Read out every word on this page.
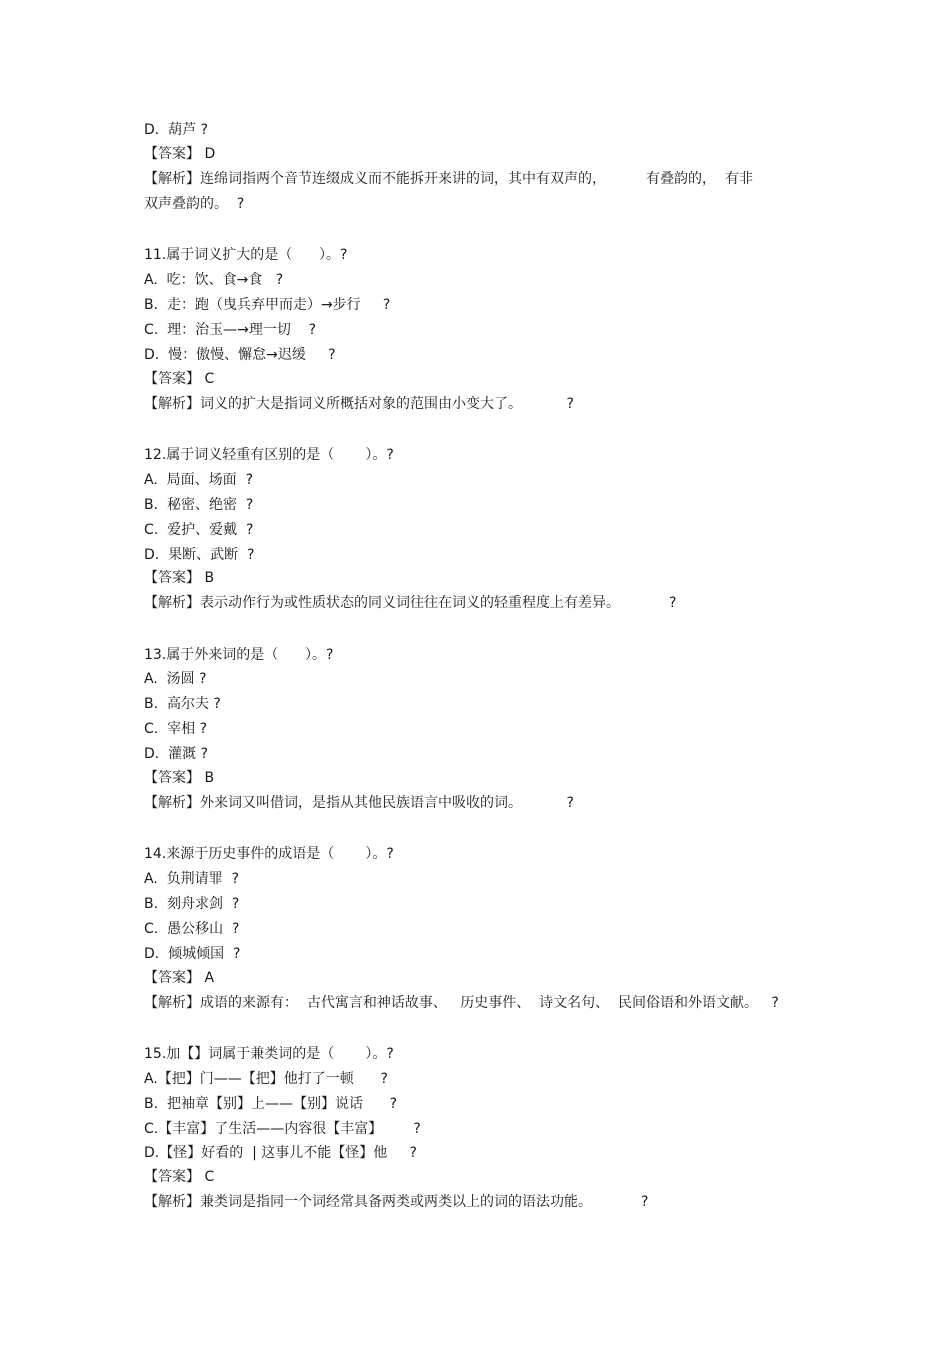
D.  葫芦 ?
【答案】 D
【解析】连绵词指两个音节连缀成义而不能拆开来讲的词，其中有双声的，         有叠韵的，  有非
双声叠韵的。  ?
11.属于词义扩大的是（      ）。?
A.  吃：饮、食→食   ?
B.  走：跑（曳兵弃甲而走）→步行     ?
C.  理：治玉—→理一切    ?
D.  慢：傲慢、懈怠→迟缓     ?
【答案】 C
【解析】词义的扩大是指词义所概括对象的范围由小变大了。          ?
12.属于词义轻重有区别的是（       ）。?
A.  局面、场面  ?
B.  秘密、绝密  ?
C.  爱护、爱戴  ?
D.  果断、武断  ?
【答案】 B
【解析】表示动作行为或性质状态的同义词往往在词义的轻重程度上有差异。           ?
13.属于外来词的是（      ）。?
A.  汤圆 ?
B.  高尔夫 ?
C.  宰相 ?
D.  灌溉 ?
【答案】 B
【解析】外来词又叫借词，是指从其他民族语言中吸收的词。          ?
14.来源于历史事件的成语是（       ）。?
A.  负荆请罪  ?
B.  刻舟求剑  ?
C.  愚公移山  ?
D.  倾城倾国  ?
【答案】 A
【解析】成语的来源有：  古代寓言和神话故事、   历史事件、  诗文名句、  民间俗语和外语文献。   ?
15.加【】词属于兼类词的是（       ）。?
A.【把】门——【把】他打了一顿      ?
B.  把袖章【别】上——【别】说话      ?
C.【丰富】了生活——内容很【丰富】       ?
D.【怪】好看的  | 这事儿不能【怪】他     ?
【答案】 C
【解析】兼类词是指同一个词经常具备两类或两类以上的词的语法功能。           ?
